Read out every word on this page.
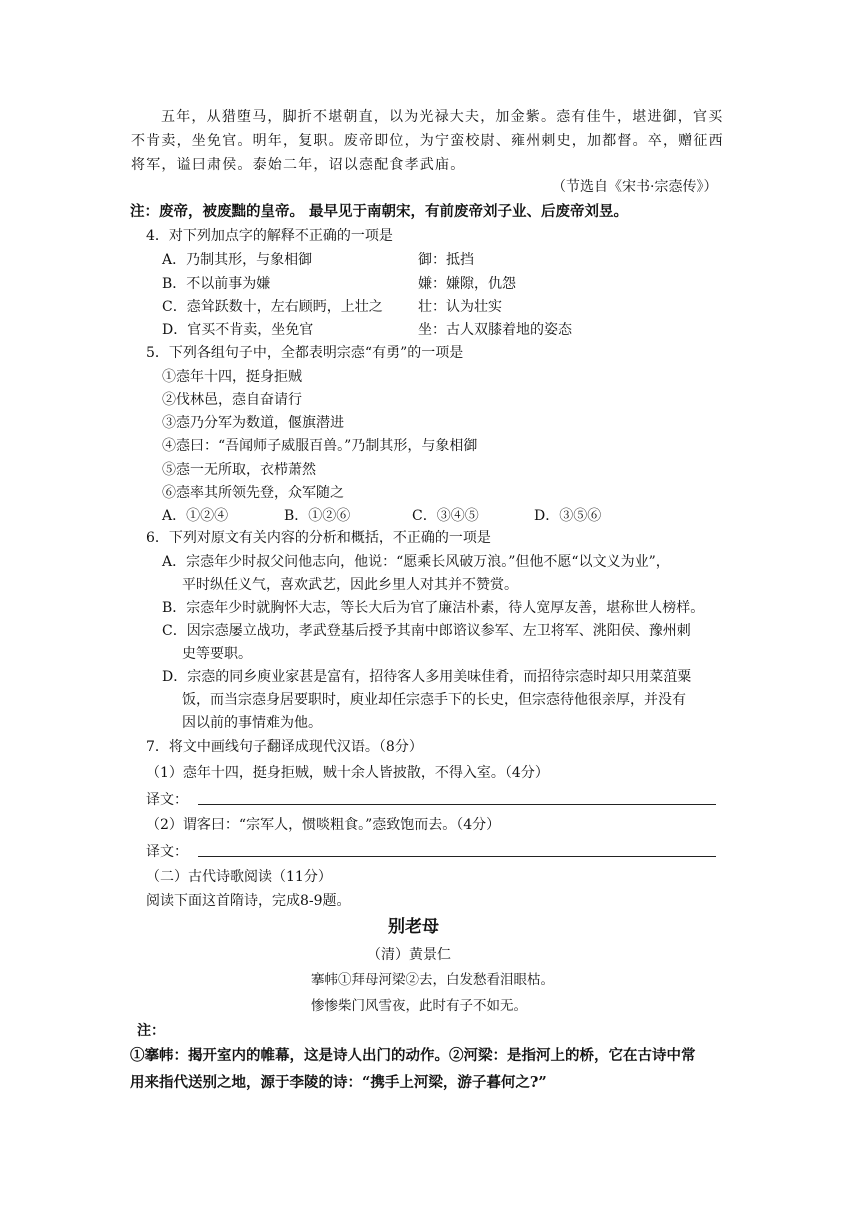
五年，从猎堕马，脚折不堪朝直，以为光禄大夫，加金紫。悫有佳牛，堪进御，官买
不肯卖，坐免官。明年，复职。废帝即位，为宁蛮校尉、雍州刺史，加都督。卒，赠征西
将军，谥曰肃侯。泰始二年，诏以悫配食孝武庙。
（节选自《宋书·宗悫传》）
注：废帝，被废黜的皇帝。 最早见于南朝宋，有前废帝刘子业、后废帝刘昱。
4．对下列加点字的解释不正确的一项是
A．乃制其形，与象相御	御：抵挡
B．不以前事为嫌	嫌：嫌隙，仇怨
C．悫耸跃数十，左右顾眄，上壮之	壮：认为壮实
D．官买不肯卖，坐免官	坐：古人双膝着地的姿态
5．下列各组句子中，全都表明宗悫“有勇”的一项是
①悫年十四，挺身拒贼
②伐林邑，悫自奋请行
③悫乃分军为数道，偃旗潜进
④悫曰：“吾闻师子威服百兽。”乃制其形，与象相御
⑤悫一无所取，衣栉萧然
⑥悫率其所领先登，众军随之
A．①②④	B．①②⑥	C．③④⑤	D．③⑤⑥
6．下列对原文有关内容的分析和概括，不正确的一项是
A．宗悫年少时叔父问他志向，他说：“愿乘长风破万浪。”但他不愿“以文义为业”，
平时纵任义气，喜欢武艺，因此乡里人对其并不赞赏。
B．宗悫年少时就胸怀大志，等长大后为官了廉洁朴素，待人宽厚友善，堪称世人榜样。
C．因宗悫屡立战功，孝武登基后授予其南中郎谘议参军、左卫将军、洮阳侯、豫州刺
史等要职。
D．宗悫的同乡庾业家甚是富有，招待客人多用美味佳肴，而招待宗悫时却只用菜菹粟
饭，而当宗悫身居要职时，庾业却任宗悫手下的长史，但宗悫待他很亲厚，并没有
因以前的事情难为他。
7．将文中画线句子翻译成现代汉语。（8分）
（1）悫年十四，挺身拒贼，贼十余人皆披散，不得入室。（4分）
译文：
（2）谓客曰：“宗军人，惯啖粗食。”悫致饱而去。（4分）
译文：
（二）古代诗歌阅读（11分）
阅读下面这首隋诗，完成8-9题。
别老母
（清）黄景仁
搴帏①拜母河梁②去，白发愁看泪眼枯。
惨惨柴门风雪夜，此时有子不如无。
注：
①搴帏：揭开室内的帷幕，这是诗人出门的动作。②河梁：是指河上的桥，它在古诗中常
用来指代送别之地，源于李陵的诗：“携手上河梁，游子暮何之?”
